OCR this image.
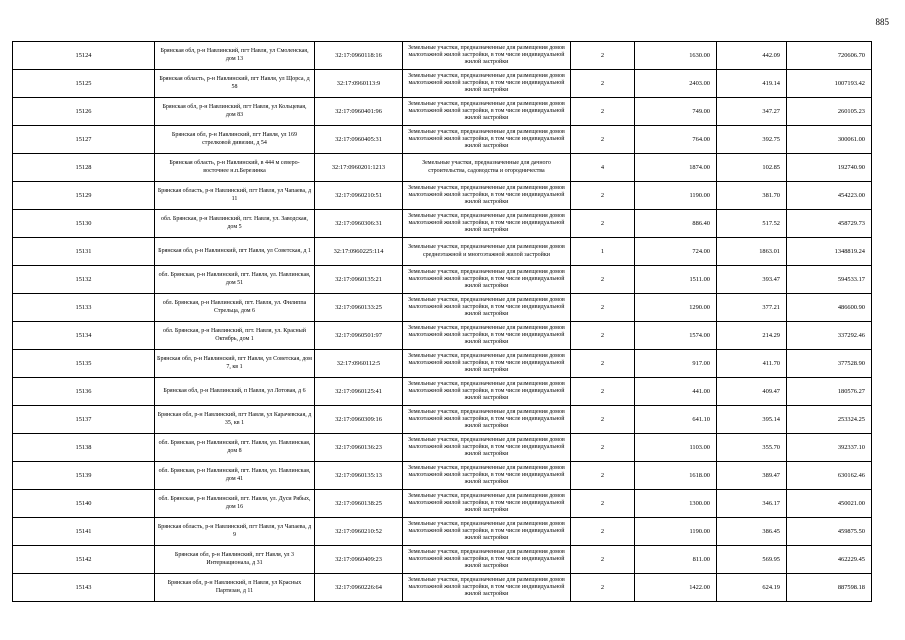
885
15124	Брянская обл, р-н Навлинский, пгт Навля, ул Смоленская, дом 13	32:17:0960118:16	Земельные участки, предназначенные для размещения домов малоэтажной жилой застройки, в том числе индивидуальной жилой застройки	2	1630.00	442.09	720606.70
15125	Брянская область, р-н Навлинский, пгт Навля, ул Щорса, д 58	32:17:0960113:9	Земельные участки, предназначенные для размещения домов малоэтажной жилой застройки, в том числе индивидуальной жилой застройки	2	2403.00	419.14	1007193.42
15126	Брянская обл, р-н Навлинский, пгт Навля, ул Кольцевая, дом 83	32:17:0960401:96	Земельные участки, предназначенные для размещения домов малоэтажной жилой застройки, в том числе индивидуальной жилой застройки	2	749.00	347.27	260105.23
15127	Брянская обл, р-н Навлинский, пгт Навля, ул 169 стрелковой дивизии, д 54	32:17:0960405:31	Земельные участки, предназначенные для размещения домов малоэтажной жилой застройки, в том числе индивидуальной жилой застройки	2	764.00	392.75	300061.00
15128	Брянская область, р-н Навлинский, в 444 м северо-восточнее н.п.Березинка	32:17:0960201:1213	Земельные участки, предназначенные для дачного строительства, садоводства и огородничества	4	1874.00	102.85	192740.90
15129	Брянская область, р-н Навлинский, пгт Навля, ул Чапаева, д 11	32:17:0960210:51	Земельные участки, предназначенные для размещения домов малоэтажной жилой застройки, в том числе индивидуальной жилой застройки	2	1190.00	381.70	454223.00
15130	обл. Брянская, р-н Навлинский, пгт. Навля, ул. Заводская, дом 5	32:17:0960306:31	Земельные участки, предназначенные для размещения домов малоэтажной жилой застройки, в том числе индивидуальной жилой застройки	2	886.40	517.52	458729.73
15131	Брянская обл, р-н Навлинский, пгт Навля, ул Советская, д 1	32:17:0960225:114	Земельные участки, предназначенные для размещения домов среднеэтажной и многоэтажной жилой застройки	1	724.00	1863.01	1348819.24
15132	обл. Брянская, р-н Навлинский, пгт. Навля, ул. Навлинская, дом 51	32:17:0960135:21	Земельные участки, предназначенные для размещения домов малоэтажной жилой застройки, в том числе индивидуальной жилой застройки	2	1511.00	393.47	594533.17
15133	обл. Брянская, р-н Навлинский, пгт. Навля, ул. Филиппа Стрельца, дом 6	32:17:0960133:25	Земельные участки, предназначенные для размещения домов малоэтажной жилой застройки, в том числе индивидуальной жилой застройки	2	1290.00	377.21	486600.90
15134	обл. Брянская, р-н Навлинский, пгт. Навля, ул. Красный Октябрь, дом 1	32:17:0960501:97	Земельные участки, предназначенные для размещения домов малоэтажной жилой застройки, в том числе индивидуальной жилой застройки	2	1574.00	214.29	337292.46
15135	Брянская обл, р-н Навлинский, пгт Навля, ул Советская, дом 7, кв 1	32:17:0960112:5	Земельные участки, предназначенные для размещения домов малоэтажной жилой застройки, в том числе индивидуальной жилой застройки	2	917.00	411.70	377528.90
15136	Брянская обл, р-н Навлинский, п Навля, ул Лотовая, д 6	32:17:0960125:41	Земельные участки, предназначенные для размещения домов малоэтажной жилой застройки, в том числе индивидуальной жилой застройки	2	441.00	409.47	180576.27
15137	Брянская обл, р-н Навлинский, пгт Навля, ул Карачевская, д 35, кв 1	32:17:0960309:16	Земельные участки, предназначенные для размещения домов малоэтажной жилой застройки, в том числе индивидуальной жилой застройки	2	641.10	395.14	253324.25
15138	обл. Брянская, р-н Навлинский, пгт. Навля, ул. Навлинская, дом 8	32:17:0960136:23	Земельные участки, предназначенные для размещения домов малоэтажной жилой застройки, в том числе индивидуальной жилой застройки	2	1103.00	355.70	392337.10
15139	обл. Брянская, р-н Навлинский, пгт. Навля, ул. Навлинская, дом 41	32:17:0960135:13	Земельные участки, предназначенные для размещения домов малоэтажной жилой застройки, в том числе индивидуальной жилой застройки	2	1618.00	389.47	630162.46
15140	обл. Брянская, р-н Навлинский, пгт. Навля, ул. Дуси Рябых, дом 16	32:17:0960138:25	Земельные участки, предназначенные для размещения домов малоэтажной жилой застройки, в том числе индивидуальной жилой застройки	2	1300.00	346.17	450021.00
15141	Брянская область, р-н Навлинский, пгт Навля, ул Чапаева, д 9	32:17:0960210:52	Земельные участки, предназначенные для размещения домов малоэтажной жилой застройки, в том числе индивидуальной жилой застройки	2	1190.00	386.45	459875.50
15142	Брянская обл, р-н Навлинский, пгт Навля, ул 3 Интернационала, д 31	32:17:0960409:23	Земельные участки, предназначенные для размещения домов малоэтажной жилой застройки, в том числе индивидуальной жилой застройки	2	811.00	569.95	462229.45
15143	Брянская обл, р-н Навлинский, п Навля, ул Красных Партизан, д 11	32:17:0960226:64	Земельные участки, предназначенные для размещения домов малоэтажной жилой застройки, в том числе индивидуальной жилой застройки	2	1422.00	624.19	887598.18
